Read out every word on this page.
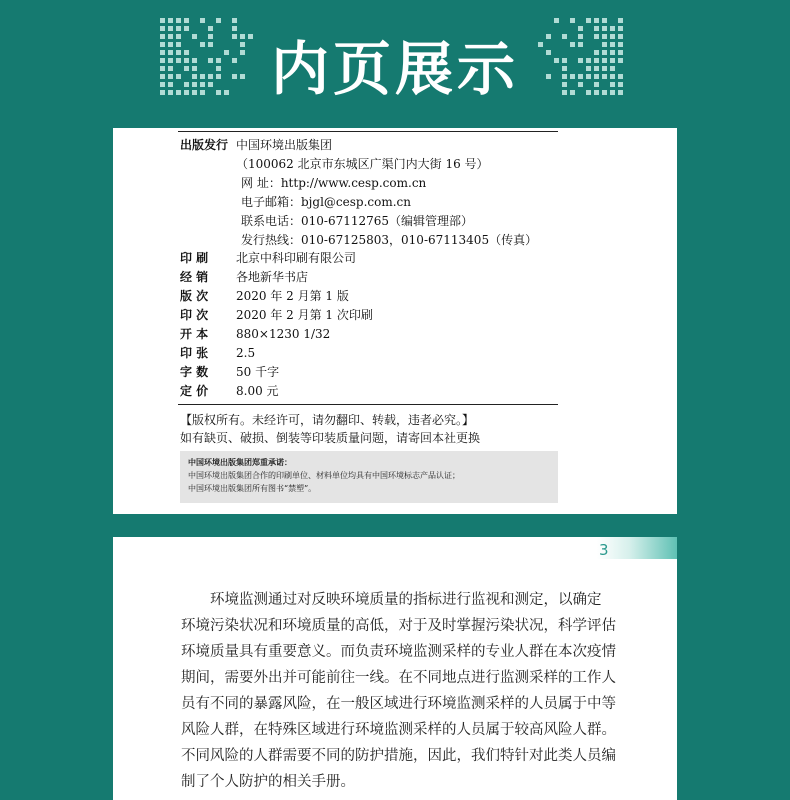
内页展示
出版发行 中国环境出版集团
（100062 北京市东城区广渠门内大街 16 号）
网 址：http://www.cesp.com.cn
电子邮箱：bjgl@cesp.com.cn
联系电话：010-67112765（编辑管理部）
发行热线：010-67125803，010-67113405（传真）
印 刷 北京中科印刷有限公司
经 销 各地新华书店
版 次 2020 年 2 月第 1 版
印 次 2020 年 2 月第 1 次印刷
开 本 880×1230 1/32
印 张 2.5
字 数 50 千字
定 价 8.00 元
【版权所有。未经许可，请勿翻印、转载，违者必究。】
如有缺页、破损、倒装等印装质量问题，请寄回本社更换
中国环境出版集团郑重承诺：
中国环境出版集团合作的印刷单位、材料单位均具有中国环境标志产品认证；
中国环境出版集团所有图书“禁塑”。
3
环境监测通过对反映环境质量的指标进行监视和测定，以确定
环境污染状况和环境质量的高低，对于及时掌握污染状况，科学评估
环境质量具有重要意义。而负责环境监测采样的专业人群在本次疫情
期间，需要外出并可能前往一线。在不同地点进行监测采样的工作人
员有不同的暴露风险，在一般区域进行环境监测采样的人员属于中等
风险人群，在特殊区域进行环境监测采样的人员属于较高风险人群。
不同风险的人群需要不同的防护措施，因此，我们特针对此类人员编
制了个人防护的相关手册。
